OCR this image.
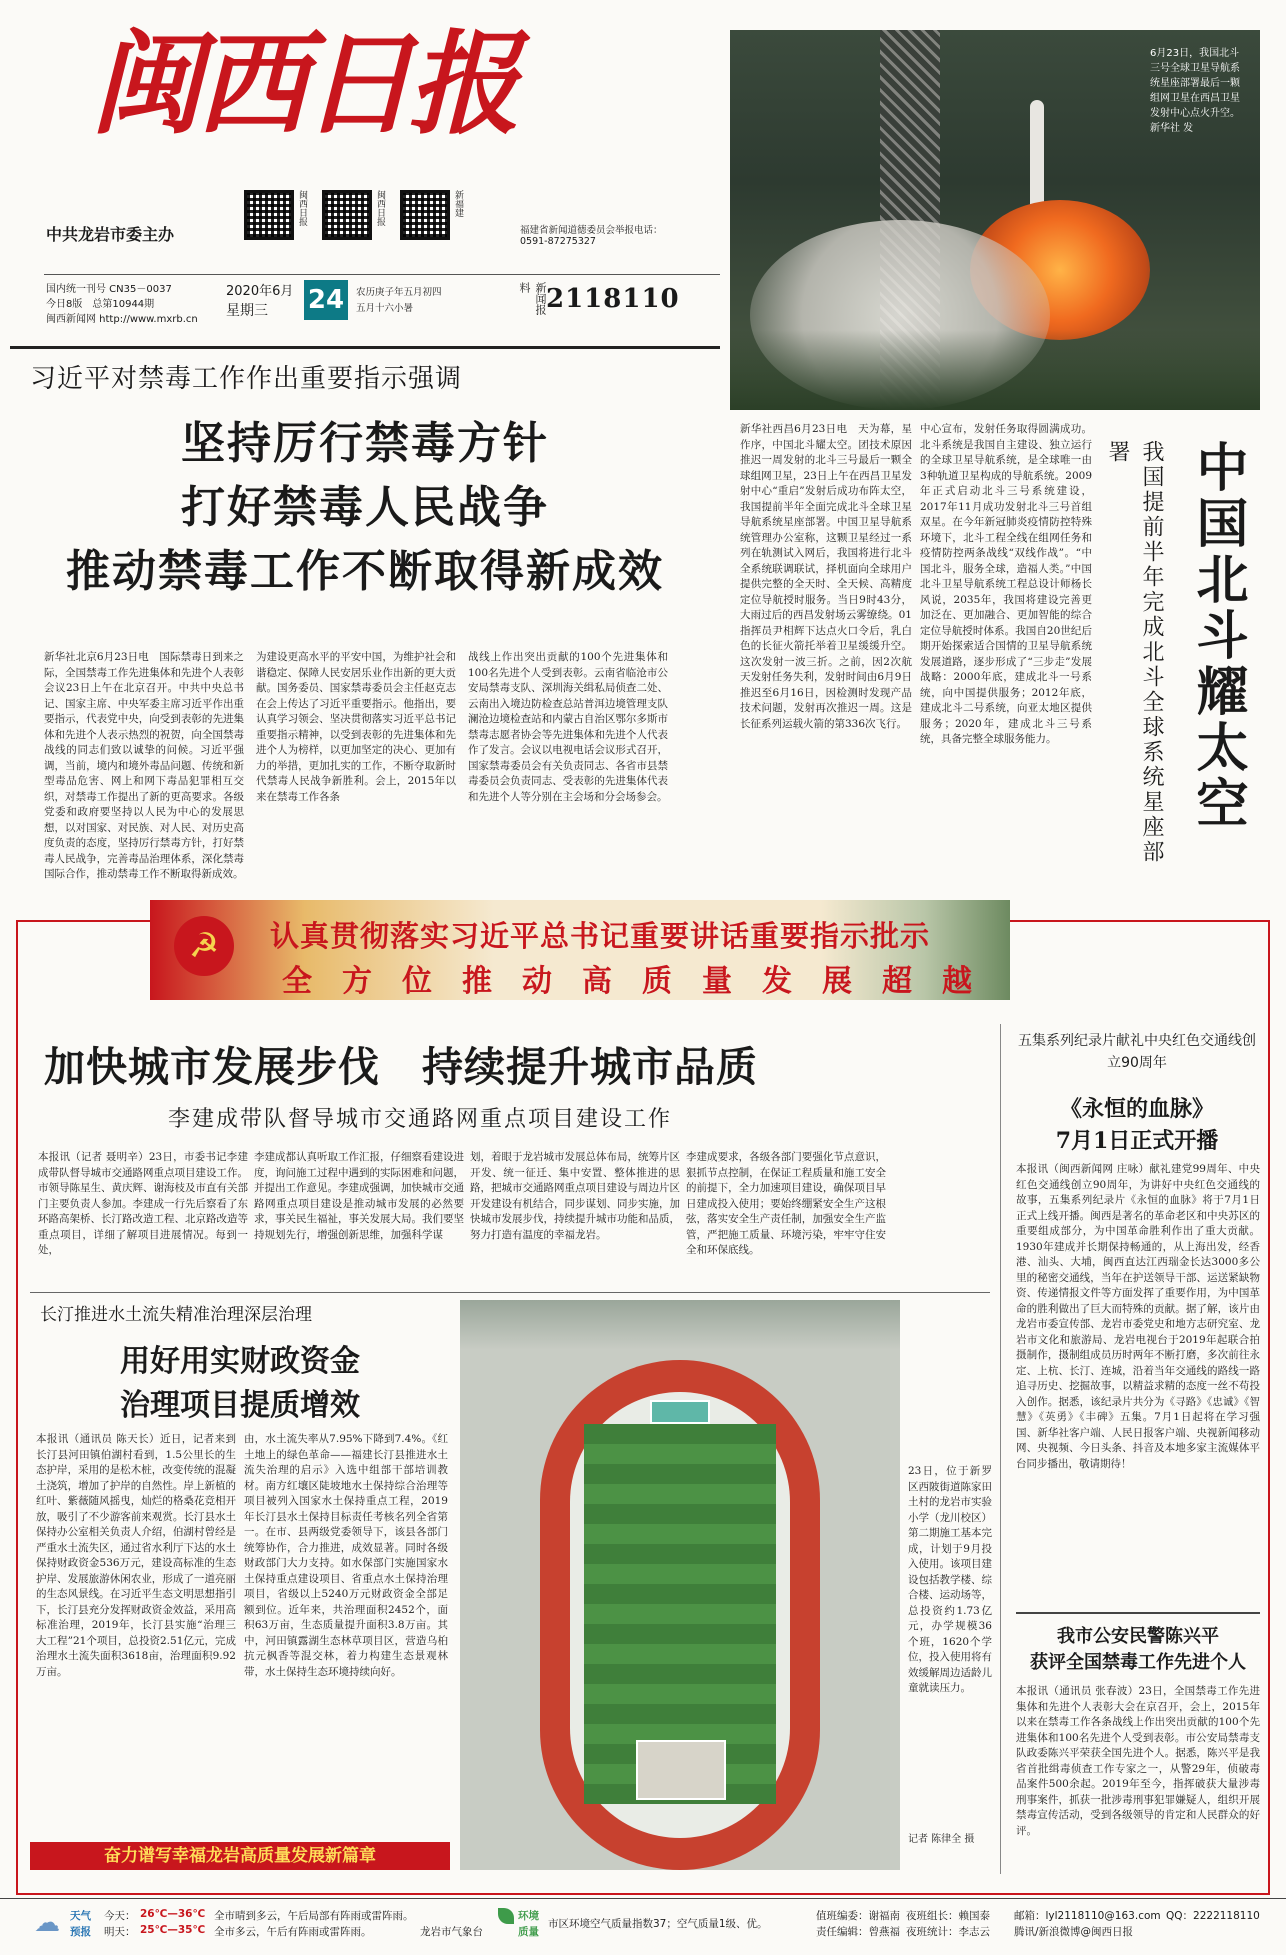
闽西日报
中共龙岩市委主办
闽西日报	闽西日报	新福建
福建省新闻道德委员会举报电话：
0591-87275327
国内统一刊号 CN35－0037
今日8版　总第10944期
闽西新闻网 http://www.mxrb.cn
2020年6月
星期三 24	农历庚子年五月初四
五月十六小暑	新闻报料 2118110
习近平对禁毒工作作出重要指示强调
坚持厉行禁毒方针
打好禁毒人民战争
推动禁毒工作不断取得新成效
新华社北京6月23日电　国际禁毒日到来之际，全国禁毒工作先进集体和先进个人表彰会议23日上午在北京召开。中共中央总书记、国家主席、中央军委主席习近平作出重要指示，代表党中央，向受到表彰的先进集体和先进个人表示热烈的祝贺，向全国禁毒战线的同志们致以诚挚的问候。习近平强调，当前，境内和境外毒品问题、传统和新型毒品危害、网上和网下毒品犯罪相互交织，对禁毒工作提出了新的更高要求。各级党委和政府要坚持以人民为中心的发展思想，以对国家、对民族、对人民、对历史高度负责的态度，坚持厉行禁毒方针，打好禁毒人民战争，完善毒品治理体系，深化禁毒国际合作，推动禁毒工作不断取得新成效。
为建设更高水平的平安中国，为维护社会和谐稳定、保障人民安居乐业作出新的更大贡献。国务委员、国家禁毒委员会主任赵克志在会上传达了习近平重要指示。他指出，要认真学习领会、坚决贯彻落实习近平总书记重要指示精神，以受到表彰的先进集体和先进个人为榜样，以更加坚定的决心、更加有力的举措，更加扎实的工作，不断夺取新时代禁毒人民战争新胜利。会上，2015年以来在禁毒工作各条
战线上作出突出贡献的100个先进集体和100名先进个人受到表彰。云南省临沧市公安局禁毒支队、深圳海关缉私局侦查二处、云南出入境边防检查总站普洱边境管理支队澜沧边境检查站和内蒙古自治区鄂尔多斯市禁毒志愿者协会等先进集体和先进个人代表作了发言。会议以电视电话会议形式召开，国家禁毒委员会有关负责同志、各省市县禁毒委员会负责同志、受表彰的先进集体代表和先进个人等分别在主会场和分会场参会。
6月23日，我国北斗三号全球卫星导航系统星座部署最后一颗组网卫星在西昌卫星发射中心点火升空。新华社 发
新华社西昌6月23日电　天为幕，星作序，中国北斗耀太空。团技术原因推迟一周发射的北斗三号最后一颗全球组网卫星，23日上午在西昌卫星发射中心“重启”发射后成功布阵太空，我国提前半年全面完成北斗全球卫星导航系统星座部署。中国卫星导航系统管理办公室称，这颗卫星经过一系列在轨测试入网后，我国将进行北斗全系统联调联试，择机面向全球用户提供完整的全天时、全天候、高精度定位导航授时服务。当日9时43分，大雨过后的西昌发射场云雾缭绕。01指挥员尹相辉下达点火口令后，乳白色的长征火箭托举着卫星缓缓升空。这次发射一波三折。之前，因2次航天发射任务失利，发射时间由6月9日推迟至6月16日，因检测时发现产品技术问题，发射再次推迟一周。这是长征系列运载火箭的第336次飞行。
中心宣布，发射任务取得圆满成功。北斗系统是我国自主建设、独立运行的全球卫星导航系统，是全球唯一由3种轨道卫星构成的导航系统。2009年正式启动北斗三号系统建设，2017年11月成功发射北斗三号首组双星。在今年新冠肺炎疫情防控特殊环境下，北斗工程全线在组网任务和疫情防控两条战线“双线作战”。“中国北斗，服务全球，造福人类。”中国北斗卫星导航系统工程总设计师杨长风说，2035年，我国将建设完善更加泛在、更加融合、更加智能的综合定位导航授时体系。我国自20世纪后期开始探索适合国情的卫星导航系统发展道路，逐步形成了“三步走”发展战略：2000年底，建成北斗一号系统，向中国提供服务；2012年底，建成北斗二号系统，向亚太地区提供服务；2020年，建成北斗三号系统，具备完整全球服务能力。	我国提前半年完成北斗全球系统星座部署	中国北斗耀太空
☭	认真贯彻落实习近平总书记重要讲话重要指示批示
全　方　位　推　动　高　质　量　发　展　超　越
加快城市发展步伐　持续提升城市品质
李建成带队督导城市交通路网重点项目建设工作
本报讯（记者 聂明辛）23日，市委书记李建成带队督导城市交通路网重点项目建设工作。市领导陈星生、黄庆辉、谢海枝及市直有关部门主要负责人参加。李建成一行先后察看了东环路高架桥、长汀路改造工程、北京路改造等重点项目，详细了解项目进展情况。每到一处，
李建成都认真听取工作汇报，仔细察看建设进度，询问施工过程中遇到的实际困难和问题，并提出工作意见。李建成强调，加快城市交通路网重点项目建设是推动城市发展的必然要求，事关民生福祉，事关发展大局。我们要坚持规划先行，增强创新思维，加强科学谋
划，着眼于龙岩城市发展总体布局，统筹片区开发、统一征迁、集中安置、整体推进的思路，把城市交通路网重点项目建设与周边片区开发建设有机结合，同步谋划、同步实施，加快城市发展步伐，持续提升城市功能和品质，努力打造有温度的幸福龙岩。
李建成要求，各级各部门要强化节点意识，狠抓节点控制，在保证工程质量和施工安全的前提下，全力加速项目建设，确保项目早日建成投入使用；要始终绷紧安全生产这根弦，落实安全生产责任制，加强安全生产监管，严把施工质量、环境污染，牢牢守住安全和环保底线。
五集系列纪录片献礼中央红色交通线创立90周年
《永恒的血脉》
7月1日正式开播
本报讯（闽西新闻网 庄咏）献礼建党99周年、中央红色交通线创立90周年，为讲好中央红色交通线的故事，五集系列纪录片《永恒的血脉》将于7月1日正式上线开播。闽西是著名的革命老区和中央苏区的重要组成部分，为中国革命胜利作出了重大贡献。1930年建成并长期保持畅通的，从上海出发，经香港、汕头、大埔，闽西直达江西瑞金长达3000多公里的秘密交通线，当年在护送领导干部、运送紧缺物资、传递情报文件等方面发挥了重要作用，为中国革命的胜利做出了巨大而特殊的贡献。据了解，该片由龙岩市委宣传部、龙岩市委党史和地方志研究室、龙岩市文化和旅游局、龙岩电视台于2019年起联合拍摄制作，摄制组成员历时两年不断打磨，多次前往永定、上杭、长汀、连城，沿着当年交通线的路线一路追寻历史、挖掘故事，以精益求精的态度一丝不苟投入创作。据悉，该纪录片共分为《寻路》《忠诚》《智慧》《英勇》《丰碑》五集。7月1日起将在学习强国、新华社客户端、人民日报客户端、央视新闻移动网、央视频、今日头条、抖音及本地多家主流媒体平台同步播出，敬请期待！
我市公安民警陈兴平
获评全国禁毒工作先进个人
本报讯（通讯员 张春波）23日，全国禁毒工作先进集体和先进个人表彰大会在京召开，会上，2015年以来在禁毒工作各条战线上作出突出贡献的100个先进集体和100名先进个人受到表彰。市公安局禁毒支队政委陈兴平荣获全国先进个人。据悉，陈兴平是我省首批缉毒侦查工作专家之一，从警29年，侦破毒品案件500余起。2019年至今，指挥破获大量涉毒刑事案件，抓获一批涉毒刑事犯罪嫌疑人，组织开展禁毒宣传活动，受到各级领导的肯定和人民群众的好评。
长汀推进水土流失精准治理深层治理
用好用实财政资金
治理项目提质增效
本报讯（通讯员 陈天长）近日，记者来到长汀县河田镇伯湖村看到，1.5公里长的生态护岸，采用的是松木桩，改变传统的混凝土浇筑，增加了护岸的自然性。岸上新植的红叶、紫薇随风摇曳，灿烂的格桑花竞相开放，吸引了不少游客前来观赏。长汀县水土保持办公室相关负责人介绍，伯湖村曾经是严重水土流失区，通过省水利厅下达的水土保持财政资金536万元，建设高标准的生态护岸、发展旅游休闲农业，形成了一道亮丽的生态风景线。在习近平生态文明思想指引下，长汀县充分发挥财政资金效益，采用高标准治理，2019年，长汀县实施“治理三大工程”21个项目，总投资2.51亿元，完成治理水土流失面积3618亩，治理面积9.92万亩。
由，水土流失率从7.95%下降到7.4%。《红土地上的绿色革命——福建长汀县推进水土流失治理的启示》入选中组部干部培训教材。南方红壤区陡坡地水土保持综合治理等项目被列入国家水土保持重点工程，2019年长汀县水土保持目标责任考核名列全省第一。在市、县两级党委领导下，该县各部门统筹协作，合力推进，成效显著。同时各级财政部门大力支持。如水保部门实施国家水土保持重点建设项目、省重点水土保持治理项目，省级以上5240万元财政资金全部足额到位。近年来，共治理面积2452个，面积63万亩，生态质量提升面积3.8万亩。其中，河田镇露湖生态林草项目区，营造乌桕抗元枫香等混交林，着力构建生态景观林带，水土保持生态环境持续向好。
奋力谱写幸福龙岩高质量发展新篇章
23日，位于新罗区西陂街道陈家田土村的龙岩市实验小学（龙川校区）第二期施工基本完成，计划于9月投入使用。该项目建设包括教学楼、综合楼、运动场等，总投资约1.73亿元，办学规模36个班，1620个学位，投入使用将有效缓解周边适龄儿童就读压力。
记者 陈律全 摄
☁ 天气
预报
今天： 26℃—36℃ 全市晴到多云，午后局部有阵雨或雷阵雨。
明天： 25℃—35℃ 全市多云，午后有阵雨或雷阵雨。	龙岩市气象台
环境
质量
市区环境空气质量指数37；空气质量1级、优。
值班编委：谢福南 夜班组长：赖国泰
责任编辑：曾燕福 夜班统计：李志云
邮箱：lyl2118110@163.com QQ：2222118110
腾讯/新浪微博@闽西日报
